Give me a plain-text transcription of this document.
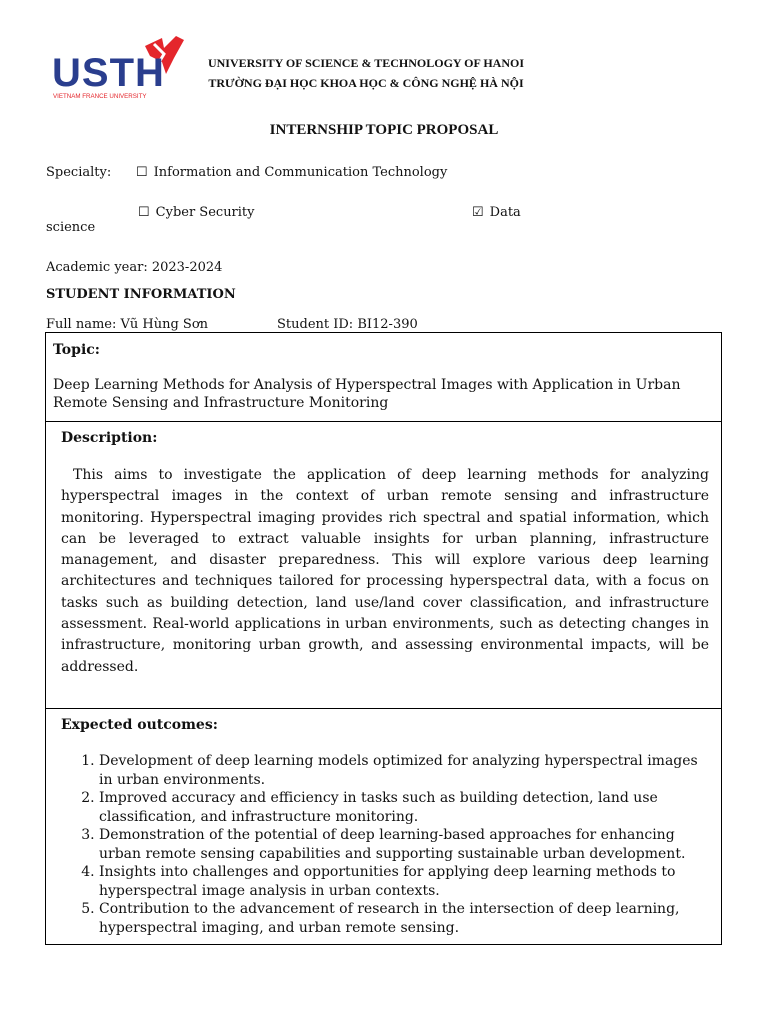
USTH
VIETNAM FRANCE UNIVERSITY
UNIVERSITY OF SCIENCE & TECHNOLOGY OF HANOI
TRƯỜNG ĐẠI HỌC KHOA HỌC & CÔNG NGHỆ HÀ NỘI
INTERNSHIP TOPIC PROPOSAL
Specialty: ☐ Information and Communication Technology
☐ Cyber Security	☑ Data
science
Academic year: 2023-2024
STUDENT INFORMATION
Full name: Vũ Hùng Sơn	Student ID: BI12-390

Topic:

Deep Learning Methods for Analysis of Hyperspectral Images with Application in Urban Remote Sensing and Infrastructure Monitoring

Description:

This aims to investigate the application of deep learning methods for analyzing hyperspectral images in the context of urban remote sensing and infrastructure monitoring. Hyperspectral imaging provides rich spectral and spatial information, which can be leveraged to extract valuable insights for urban planning, infrastructure management, and disaster preparedness. This will explore various deep learning architectures and techniques tailored for processing hyperspectral data, with a focus on tasks such as building detection, land use/land cover classification, and infrastructure assessment. Real-world applications in urban environments, such as detecting changes in infrastructure, monitoring urban growth, and assessing environmental impacts, will be addressed.

Expected outcomes:

1. Development of deep learning models optimized for analyzing hyperspectral images in urban environments.
2. Improved accuracy and efficiency in tasks such as building detection, land use classification, and infrastructure monitoring.
3. Demonstration of the potential of deep learning-based approaches for enhancing urban remote sensing capabilities and supporting sustainable urban development.
4. Insights into challenges and opportunities for applying deep learning methods to hyperspectral image analysis in urban contexts.
5. Contribution to the advancement of research in the intersection of deep learning, hyperspectral imaging, and urban remote sensing.
